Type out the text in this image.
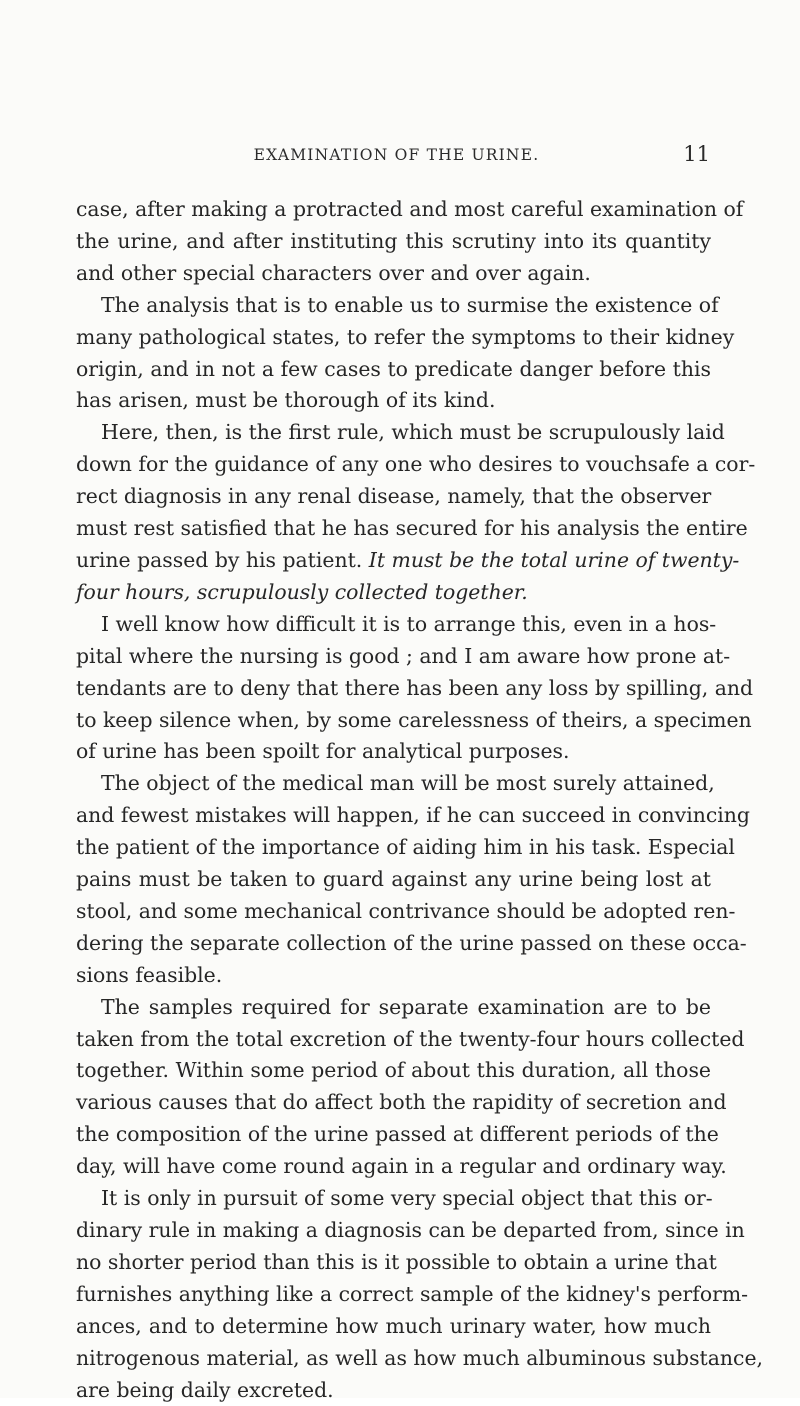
EXAMINATION OF THE URINE.	11
case, after making a protracted and most careful examination of
the urine, and after instituting this scrutiny into its quantity
and other special characters over and over again.
The analysis that is to enable us to surmise the existence of
many pathological states, to refer the symptoms to their kidney
origin, and in not a few cases to predicate danger before this
has arisen, must be thorough of its kind.
Here, then, is the first rule, which must be scrupulously laid
down for the guidance of any one who desires to vouchsafe a cor-
rect diagnosis in any renal disease, namely, that the observer
must rest satisfied that he has secured for his analysis the entire
urine passed by his patient. It must be the total urine of twenty-
four hours, scrupulously collected together.
I well know how difficult it is to arrange this, even in a hos-
pital where the nursing is good ; and I am aware how prone at-
tendants are to deny that there has been any loss by spilling, and
to keep silence when, by some carelessness of theirs, a specimen
of urine has been spoilt for analytical purposes.
The object of the medical man will be most surely attained,
and fewest mistakes will happen, if he can succeed in convincing
the patient of the importance of aiding him in his task. Especial
pains must be taken to guard against any urine being lost at
stool, and some mechanical contrivance should be adopted ren-
dering the separate collection of the urine passed on these occa-
sions feasible.
The samples required for separate examination are to be
taken from the total excretion of the twenty-four hours collected
together. Within some period of about this duration, all those
various causes that do affect both the rapidity of secretion and
the composition of the urine passed at different periods of the
day, will have come round again in a regular and ordinary way.
It is only in pursuit of some very special object that this or-
dinary rule in making a diagnosis can be departed from, since in
no shorter period than this is it possible to obtain a urine that
furnishes anything like a correct sample of the kidney's perform-
ances, and to determine how much urinary water, how much
nitrogenous material, as well as how much albuminous substance,
are being daily excreted.
